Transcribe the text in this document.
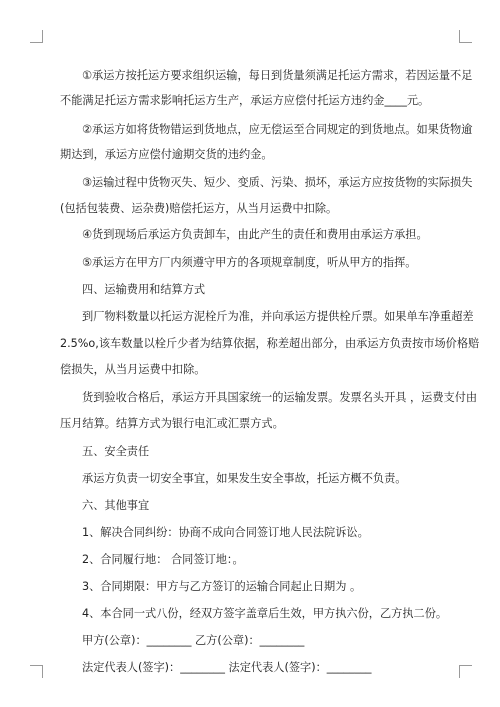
①承运方按托运方要求组织运输，每日到货量须满足托运方需求，若因运量不足
不能满足托运方需求影响托运方生产，承运方应偿付托运方违约金____元。
②承运方如将货物错运到货地点，应无偿运至合同规定的到货地点。如果货物逾
期达到，承运方应偿付逾期交货的违约金。
③运输过程中货物灭失、短少、变质、污染、损坏，承运方应按货物的实际损失
(包括包装费、运杂费)赔偿托运方，从当月运费中扣除。
④货到现场后承运方负责卸车，由此产生的责任和费用由承运方承担。
⑤承运方在甲方厂内须遵守甲方的各项规章制度，听从甲方的指挥。
四、运输费用和结算方式
到厂物料数量以托运方泥栓斤为准，并向承运方提供栓斤票。如果单车净重超差
2.5%o,该车数量以栓斤少者为结算依据，称差超出部分，由承运方负责按市场价格赔
偿损失，从当月运费中扣除。
货到验收合格后，承运方开具国家统一的运输发票。发票名头开具 ，运费支付由
压月结算。结算方式为银行电汇或汇票方式。
五、安全责任
承运方负责一切安全事宜，如果发生安全事故，托运方概不负责。
六、其他事宜
1、解决合同纠纷：协商不成向合同签订地人民法院诉讼。
2、合同履行地： 合同签订地：。
3、合同期限：甲方与乙方签订的运输合同起止日期为 。
4、本合同一式八份，经双方签字盖章后生效，甲方执六份，乙方执二份。
甲方(公章)：________ 乙方(公章)：________
法定代表人(签字)：________ 法定代表人(签字)：________
